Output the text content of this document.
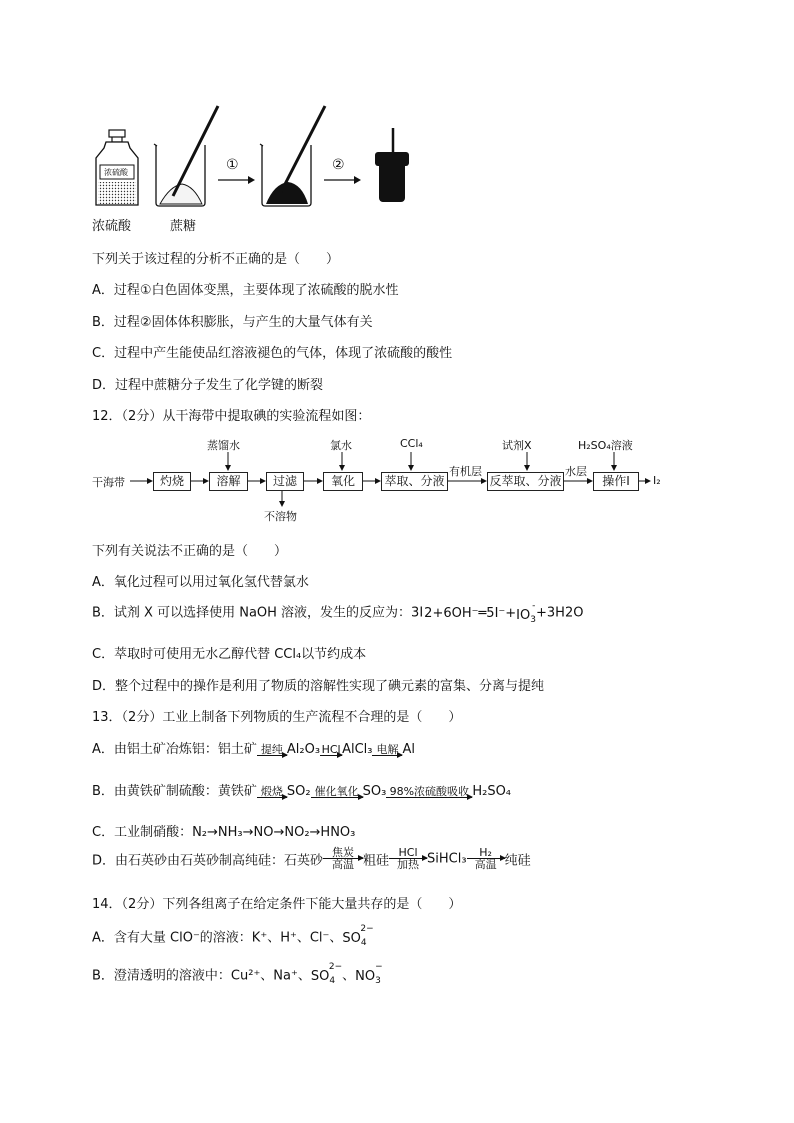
浓硫酸	①	②
浓硫酸	蔗糖
下列关于该过程的分析不正确的是（　　）
A．过程①白色固体变黑，主要体现了浓硫酸的脱水性
B．过程②固体体积膨胀，与产生的大量气体有关
C．过程中产生能使品红溶液褪色的气体，体现了浓硫酸的酸性
D．过程中蔗糖分子发生了化学键的断裂
12．（2分）从干海带中提取碘的实验流程如图：
干海带	灼烧	溶解	过滤	氧化	萃取、分液	反萃取、分液	操作Ⅰ	I₂
蒸馏水	氯水	CCl₄	试剂X	H₂SO₄溶液
不溶物
有机层	水层
下列有关说法不正确的是（　　）
A．氧化过程可以用过氧化氢代替氯水
B．试剂 X 可以选择使用 NaOH 溶液，发生的反应为：3I2+6OH⁻═5I⁻+ -
$IO_3+3H2O$
C．萃取时可使用无水乙醇代替 CCl₄以节约成本
D．整个过程中的操作是利用了物质的溶解性实现了碘元素的富集、分离与提纯
13．（2分）工业上制备下列物质的生产流程不合理的是（　　）
A．由铝土矿冶炼铝：铝土矿 提纯 Al₂O₃ HCl AlCl₃ 电解 Al
B．由黄铁矿制硫酸：黄铁矿 煅烧 SO₂ 催化氧化 SO₃ 98%浓硫酸吸收 H₂SO₄
C．工业制硝酸：N₂→NH₃→NO→NO₂→HNO₃
D．由石英砂由石英砂制高纯硅：石英砂
焦炭
高温 粗硅
HCl
加热 SiHCl₃	H₂
高温 纯硅
14．（2分）下列各组离子在给定条件下能大量共存的是（　　）
A．含有大量 ClO⁻的溶液：K⁺、H⁺、Cl⁻、
2−
$SO_4$
B．澄清透明的溶液中：Cu²⁺、Na⁺、
2−
$SO_4$ 、
−
$NO_3$
